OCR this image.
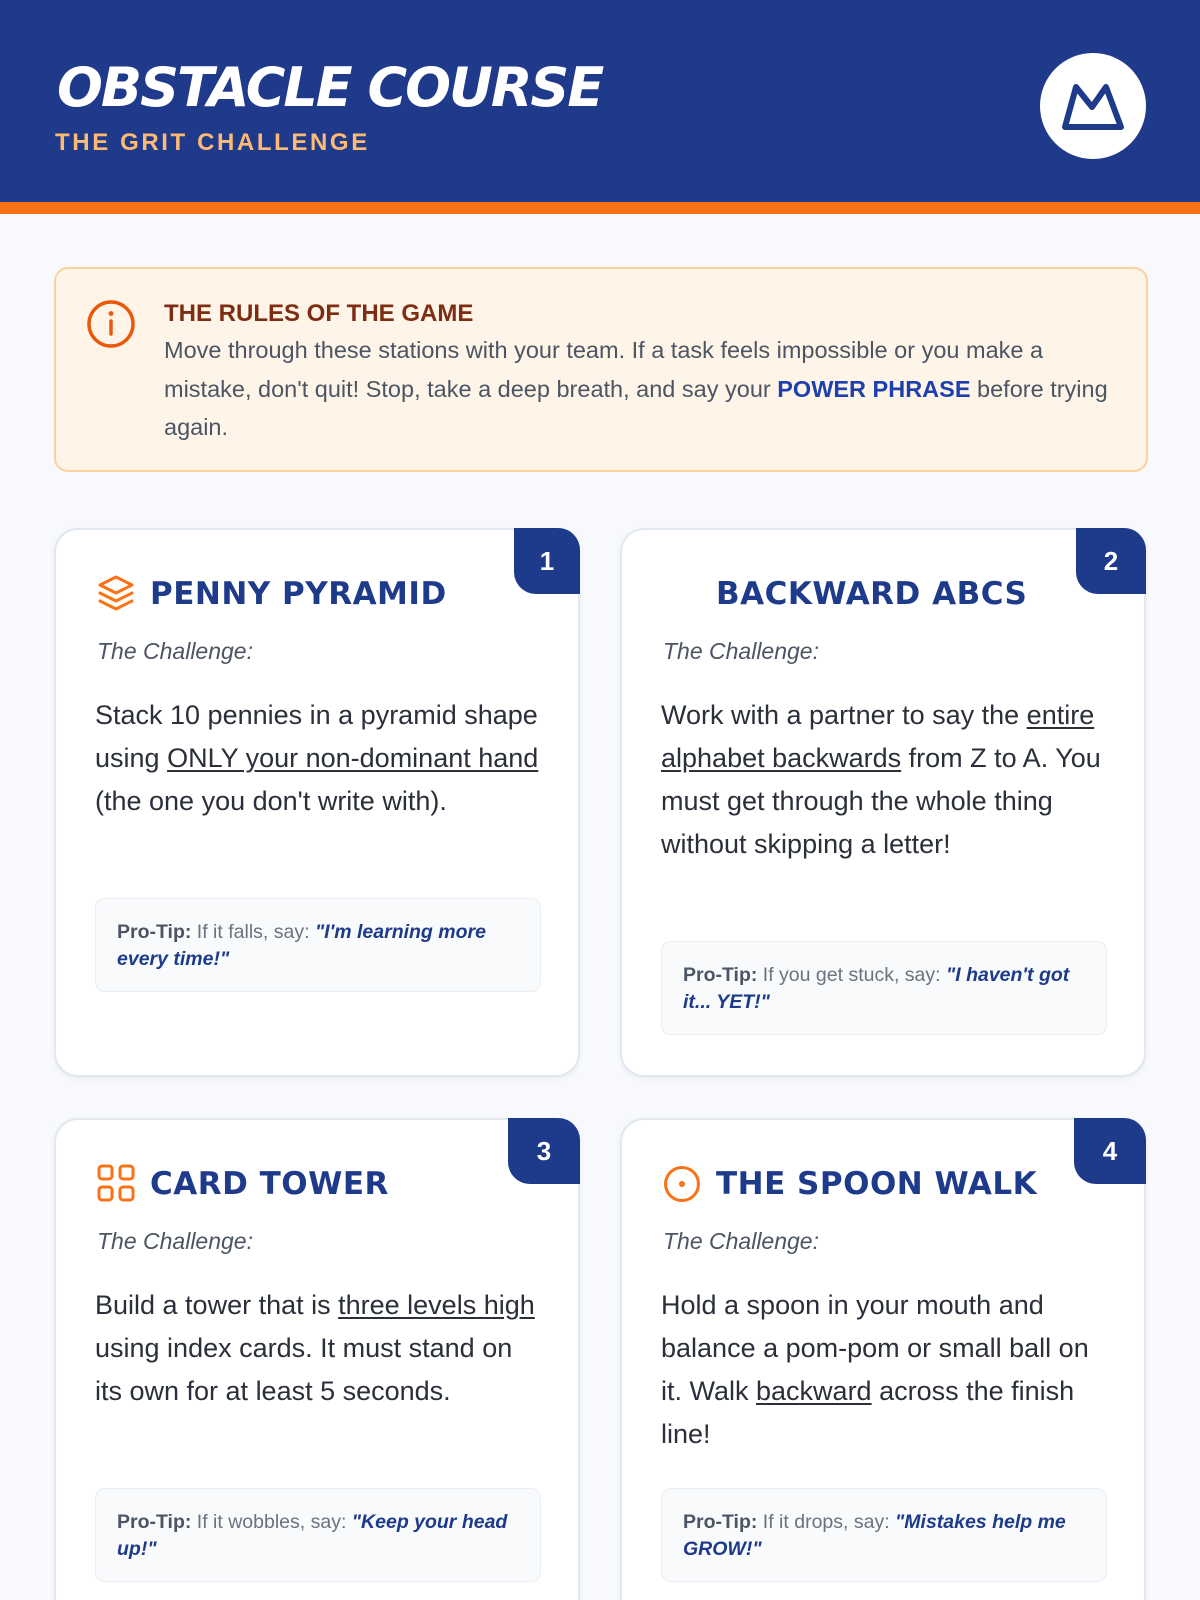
OBSTACLE COURSE
THE GRIT CHALLENGE
THE RULES OF THE GAME
Move through these stations with your team. If a task feels impossible or you make a mistake, don't quit! Stop, take a deep breath, and say your POWER PHRASE before trying again.
1
PENNY PYRAMID
The Challenge:
Stack 10 pennies in a pyramid shape using ONLY your non-dominant hand (the one you don't write with).
Pro-Tip: If it falls, say: "I'm learning more every time!"
2
BACKWARD ABCS
The Challenge:
Work with a partner to say the entire alphabet backwards from Z to A. You must get through the whole thing without skipping a letter!
Pro-Tip: If you get stuck, say: "I haven't got it... YET!"
3
CARD TOWER
The Challenge:
Build a tower that is three levels high using index cards. It must stand on its own for at least 5 seconds.
Pro-Tip: If it wobbles, say: "Keep your head up!"
4
THE SPOON WALK
The Challenge:
Hold a spoon in your mouth and balance a pom-pom or small ball on it. Walk backward across the finish line!
Pro-Tip: If it drops, say: "Mistakes help me GROW!"
